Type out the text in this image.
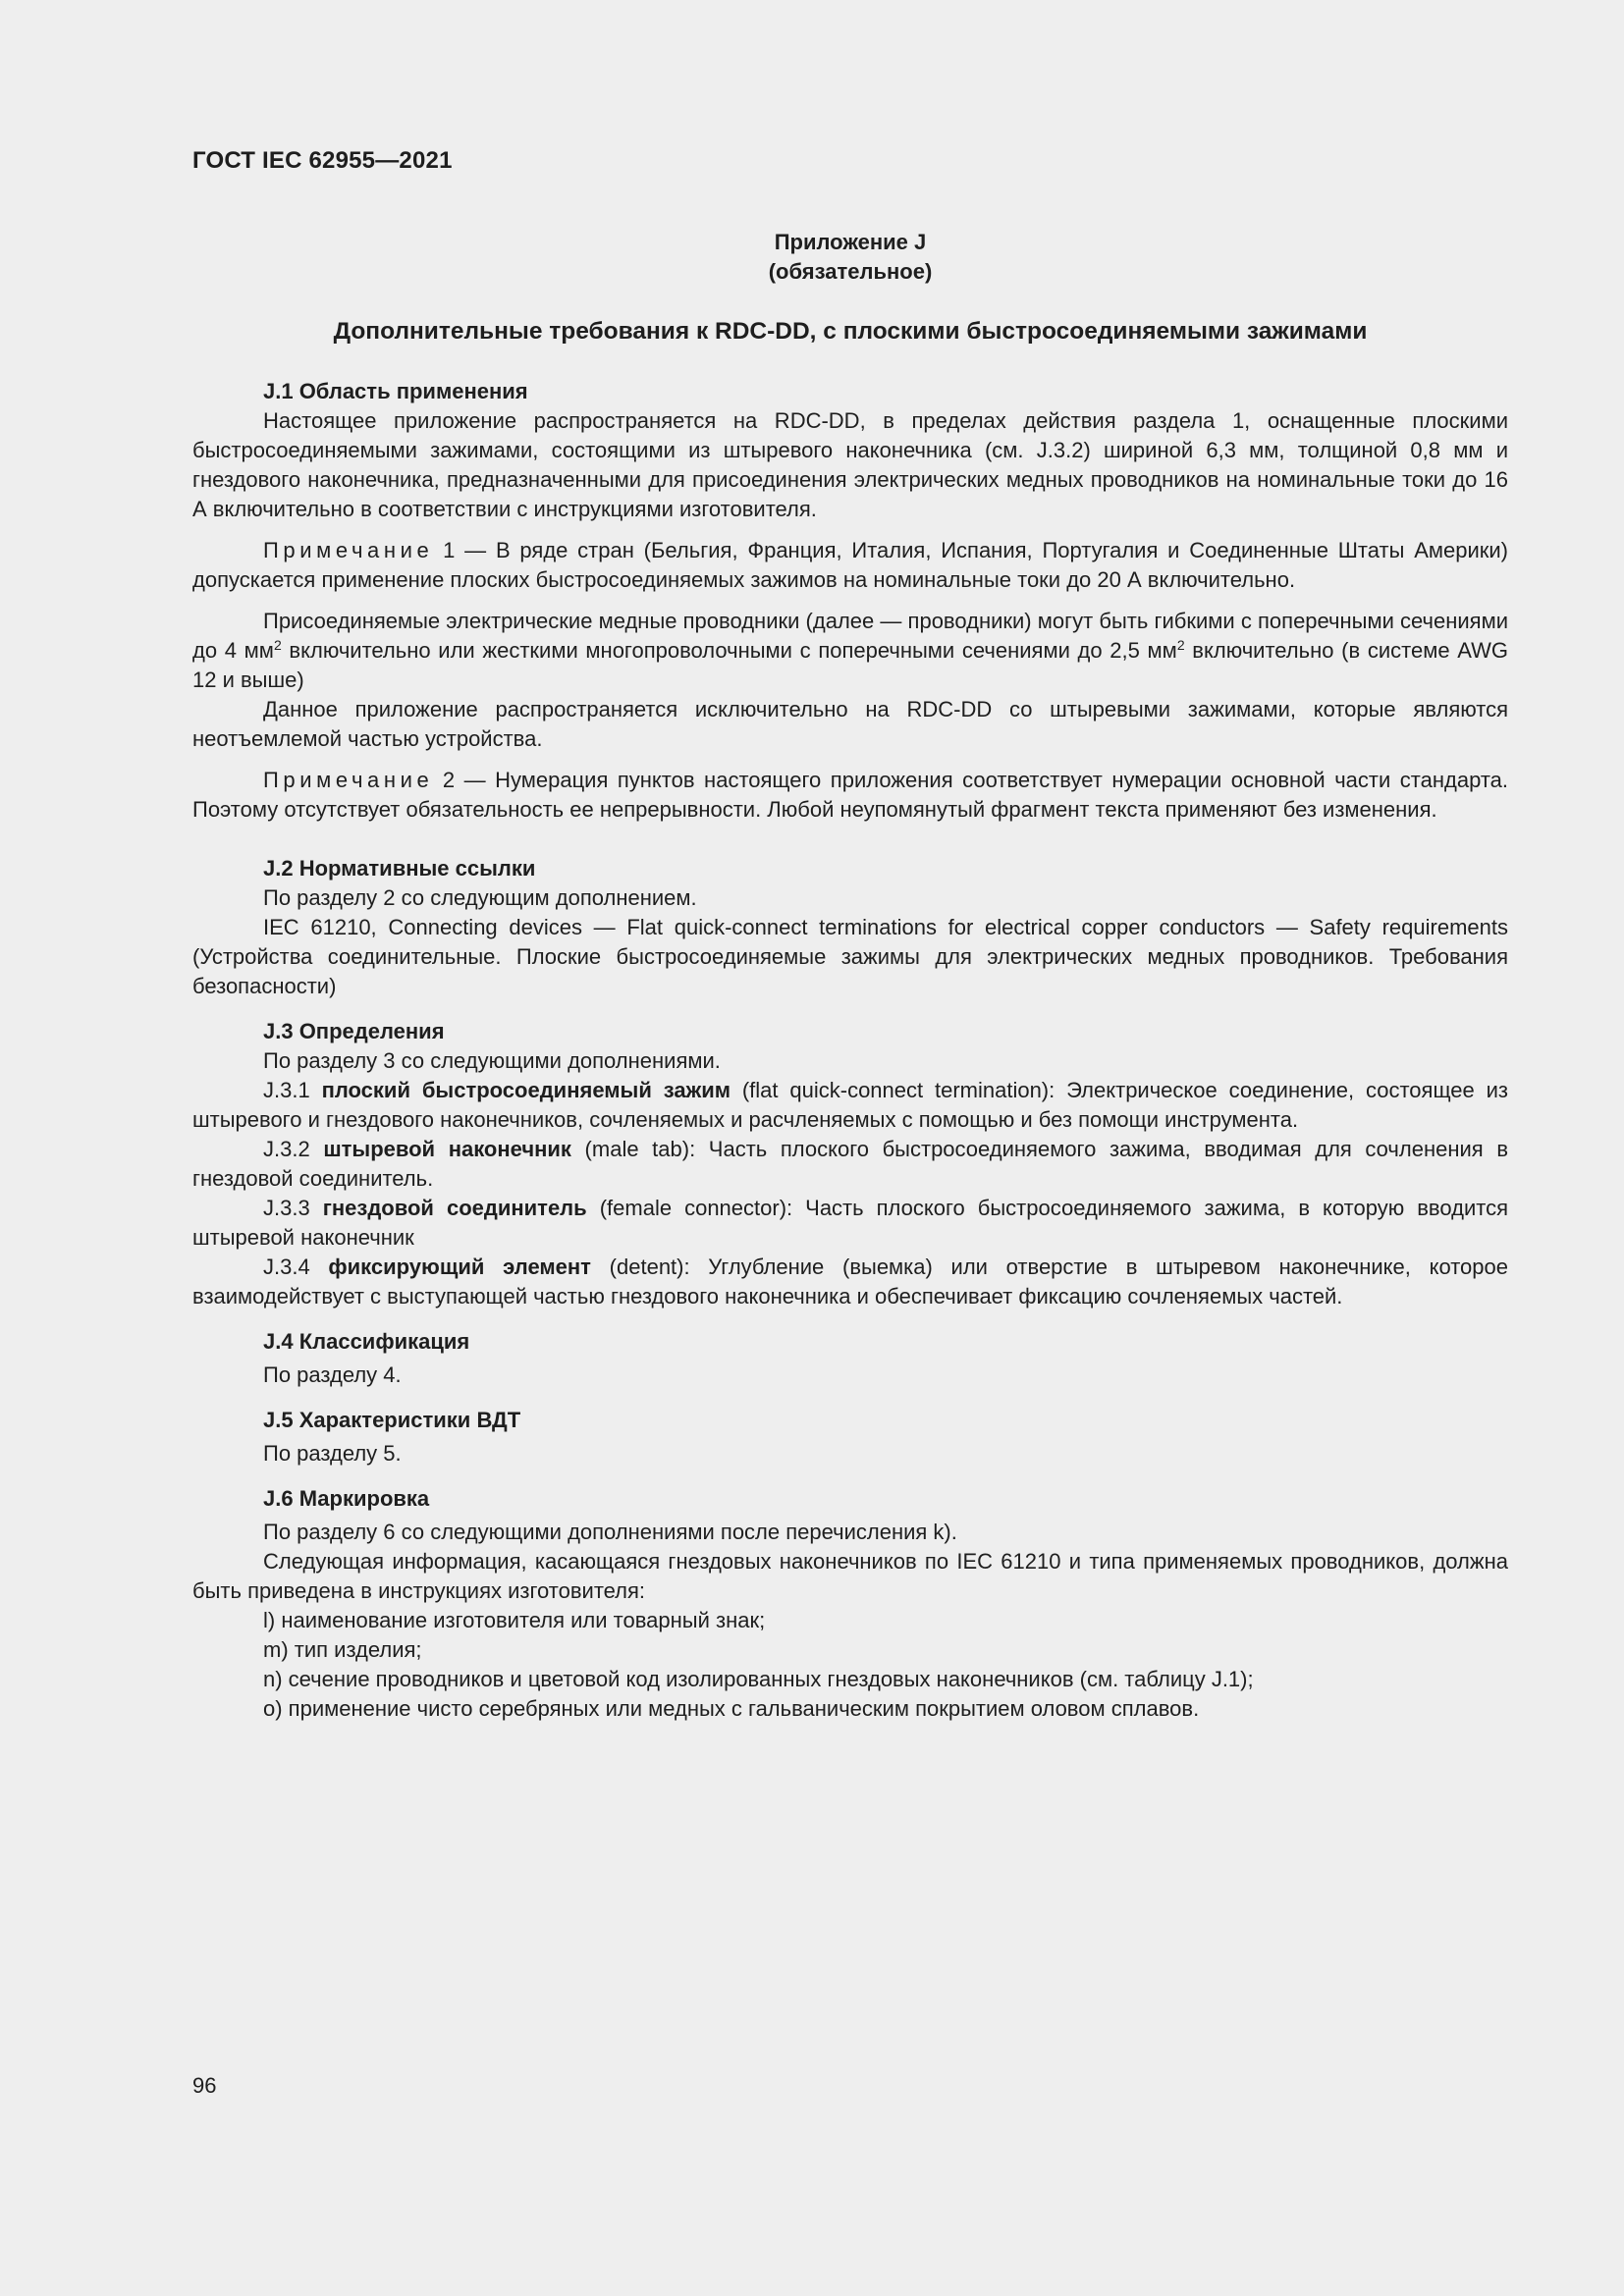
ГОСТ IEC 62955—2021
Приложение J
(обязательное)
Дополнительные требования к RDC-DD, с плоскими быстросоединяемыми зажимами
J.1 Область применения

Настоящее приложение распространяется на RDC-DD, в пределах действия раздела 1, оснащенные плоскими быстросоединяемыми зажимами, состоящими из штыревого наконечника (см. J.3.2) шириной 6,3 мм, толщиной 0,8 мм и гнездового наконечника, предназначенными для присоединения электрических медных проводников на номинальные токи до 16 А включительно в соответствии с инструкциями изготовителя.

Примечание 1 — В ряде стран (Бельгия, Франция, Италия, Испания, Португалия и Соединенные Штаты Америки) допускается применение плоских быстросоединяемых зажимов на номинальные токи до 20 А включительно.

Присоединяемые электрические медные проводники (далее — проводники) могут быть гибкими с поперечными сечениями до 4 $мм^2$ включительно или жесткими многопроволочными с поперечными сечениями до 2,5 $мм^2$ включительно (в системе AWG 12 и выше)

Данное приложение распространяется исключительно на RDC-DD со штыревыми зажимами, которые являются неотъемлемой частью устройства.

Примечание 2 — Нумерация пунктов настоящего приложения соответствует нумерации основной части стандарта. Поэтому отсутствует обязательность ее непрерывности. Любой неупомянутый фрагмент текста применяют без изменения.

J.2 Нормативные ссылки

По разделу 2 со следующим дополнением.

IEC 61210, Connecting devices — Flat quick-connect terminations for electrical copper conductors — Safety requirements (Устройства соединительные. Плоские быстросоединяемые зажимы для электрических медных проводников. Требования безопасности)

J.3 Определения

По разделу 3 со следующими дополнениями.

J.3.1 плоский быстросоединяемый зажим (flat quick-connect termination): Электрическое соединение, состоящее из штыревого и гнездового наконечников, сочленяемых и расчленяемых с помощью и без помощи инструмента.

J.3.2 штыревой наконечник (male tab): Часть плоского быстросоединяемого зажима, вводимая для сочленения в гнездовой соединитель.

J.3.3 гнездовой соединитель (female connector): Часть плоского быстросоединяемого зажима, в которую вводится штыревой наконечник

J.3.4 фиксирующий элемент (detent): Углубление (выемка) или отверстие в штыревом наконечнике, которое взаимодействует с выступающей частью гнездового наконечника и обеспечивает фиксацию сочленяемых частей.

J.4 Классификация

По разделу 4.

J.5 Характеристики ВДТ

По разделу 5.

J.6 Маркировка

По разделу 6 со следующими дополнениями после перечисления k).

Следующая информация, касающаяся гнездовых наконечников по IEC 61210 и типа применяемых проводников, должна быть приведена в инструкциях изготовителя:

l) наименование изготовителя или товарный знак;
m) тип изделия;
n) сечение проводников и цветовой код изолированных гнездовых наконечников (см. таблицу J.1);
o) применение чисто серебряных или медных с гальваническим покрытием оловом сплавов.
96
